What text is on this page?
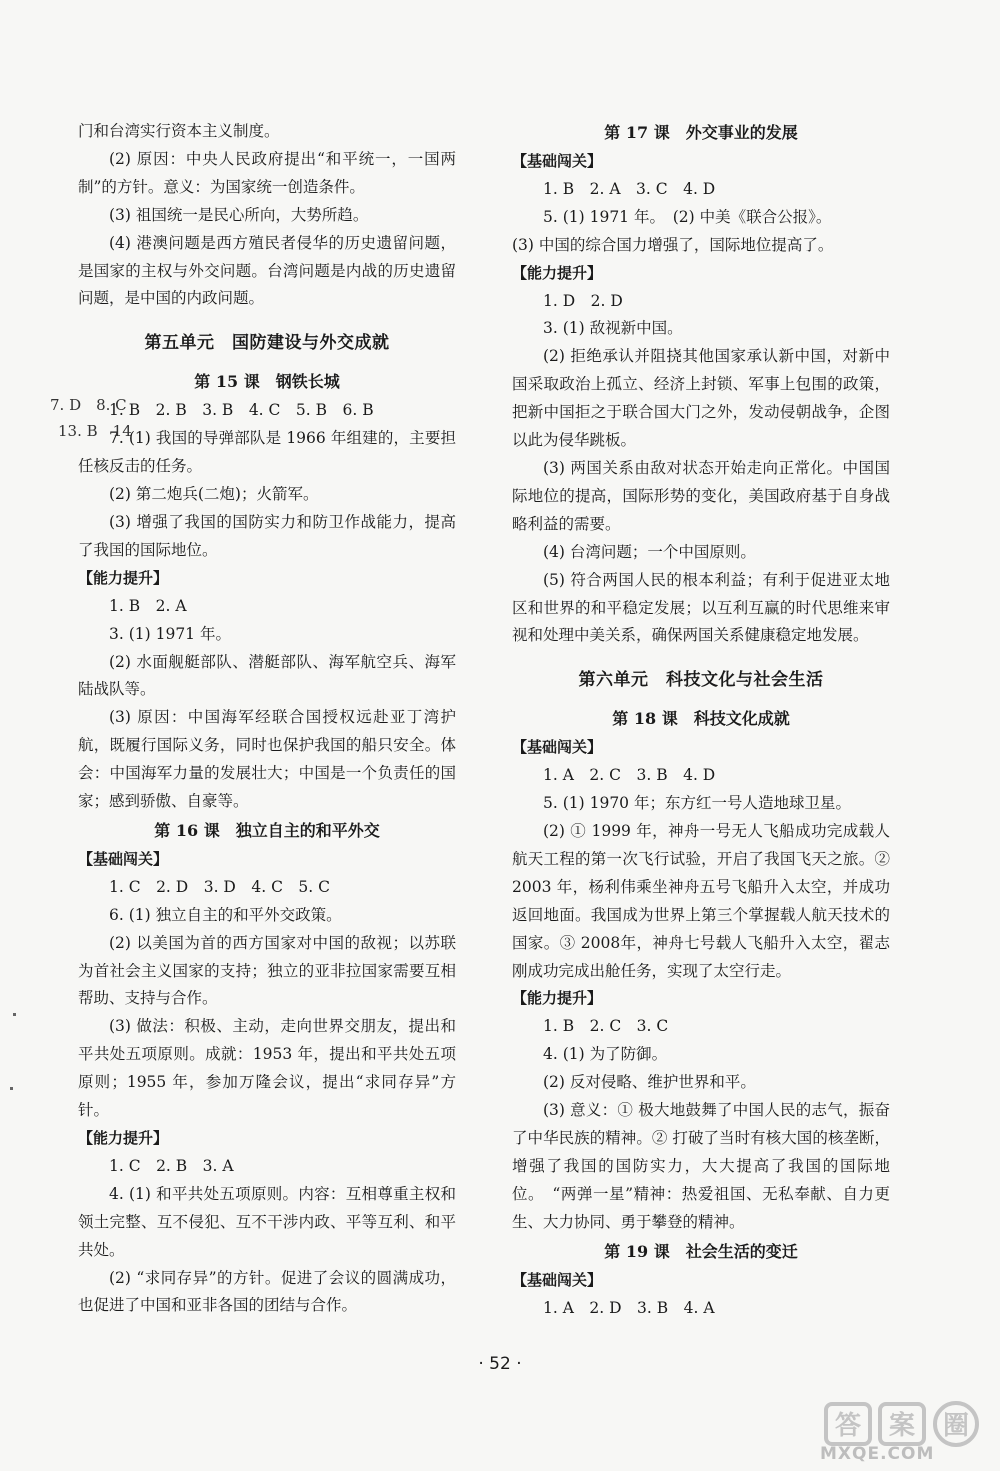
门和台湾实行资本主义制度。

(2) 原因：中央人民政府提出“和平统一，一国两制”的方针。意义：为国家统一创造条件。

(3) 祖国统一是民心所向，大势所趋。

(4) 港澳问题是西方殖民者侵华的历史遗留问题，是国家的主权与外交问题。台湾问题是内战的历史遗留问题，是中国的内政问题。

第五单元　国防建设与外交成就

第 15 课　钢铁长城

1. B　2. B　3. B　4. C　5. B　6. B

7. (1) 我国的导弹部队是 1966 年组建的，主要担任核反击的任务。

(2) 第二炮兵(二炮)；火箭军。

(3) 增强了我国的国防实力和防卫作战能力，提高了我国的国际地位。

【能力提升】

1. B　2. A

3. (1) 1971 年。

(2) 水面舰艇部队、潜艇部队、海军航空兵、海军陆战队等。

(3) 原因：中国海军经联合国授权远赴亚丁湾护航，既履行国际义务，同时也保护我国的船只安全。体会：中国海军力量的发展壮大；中国是一个负责任的国家；感到骄傲、自豪等。

第 16 课　独立自主的和平外交

【基础闯关】

1. C　2. D　3. D　4. C　5. C

6. (1) 独立自主的和平外交政策。

(2) 以美国为首的西方国家对中国的敌视；以苏联为首社会主义国家的支持；独立的亚非拉国家需要互相帮助、支持与合作。

(3) 做法：积极、主动，走向世界交朋友，提出和平共处五项原则。成就：1953 年，提出和平共处五项原则；1955 年，参加万隆会议，提出“求同存异”方针。

【能力提升】

1. C　2. B　3. A

4. (1) 和平共处五项原则。内容：互相尊重主权和领土完整、互不侵犯、互不干涉内政、平等互利、和平共处。

(2) “求同存异”的方针。促进了会议的圆满成功，也促进了中国和亚非各国的团结与合作。

第 17 课　外交事业的发展

【基础闯关】

1. B　2. A　3. C　4. D

5. (1) 1971 年。　(2) 中美《联合公报》。

(3) 中国的综合国力增强了，国际地位提高了。

【能力提升】

1. D　2. D

3. (1) 敌视新中国。

(2) 拒绝承认并阻挠其他国家承认新中国，对新中国采取政治上孤立、经济上封锁、军事上包围的政策，把新中国拒之于联合国大门之外，发动侵朝战争，企图以此为侵华跳板。

(3) 两国关系由敌对状态开始走向正常化。中国国际地位的提高，国际形势的变化，美国政府基于自身战略利益的需要。

(4) 台湾问题；一个中国原则。

(5) 符合两国人民的根本利益；有利于促进亚太地区和世界的和平稳定发展；以互利互赢的时代思维来审视和处理中美关系，确保两国关系健康稳定地发展。

第六单元　科技文化与社会生活

第 18 课　科技文化成就

【基础闯关】

1. A　2. C　3. B　4. D

5. (1) 1970 年；东方红一号人造地球卫星。

(2) ① 1999 年，神舟一号无人飞船成功完成载人航天工程的第一次飞行试验，开启了我国飞天之旅。② 2003 年，杨利伟乘坐神舟五号飞船升入太空，并成功返回地面。我国成为世界上第三个掌握载人航天技术的国家。③ 2008年，神舟七号载人飞船升入太空，翟志刚成功完成出舱任务，实现了太空行走。

【能力提升】

1. B　2. C　3. C

4. (1) 为了防御。

(2) 反对侵略、维护世界和平。

(3) 意义：① 极大地鼓舞了中国人民的志气，振奋了中华民族的精神。② 打破了当时有核大国的核垄断，增强了我国的国防实力，大大提高了我国的国际地位。　“两弹一星”精神：热爱祖国、无私奉献、自力更生、大力协同、勇于攀登的精神。

第 19 课　社会生活的变迁

【基础闯关】

1. A　2. D　3. B　4. A

7. D　8. C
13. B　14
· 52 ·
答 案 圈
MXQE.COM
